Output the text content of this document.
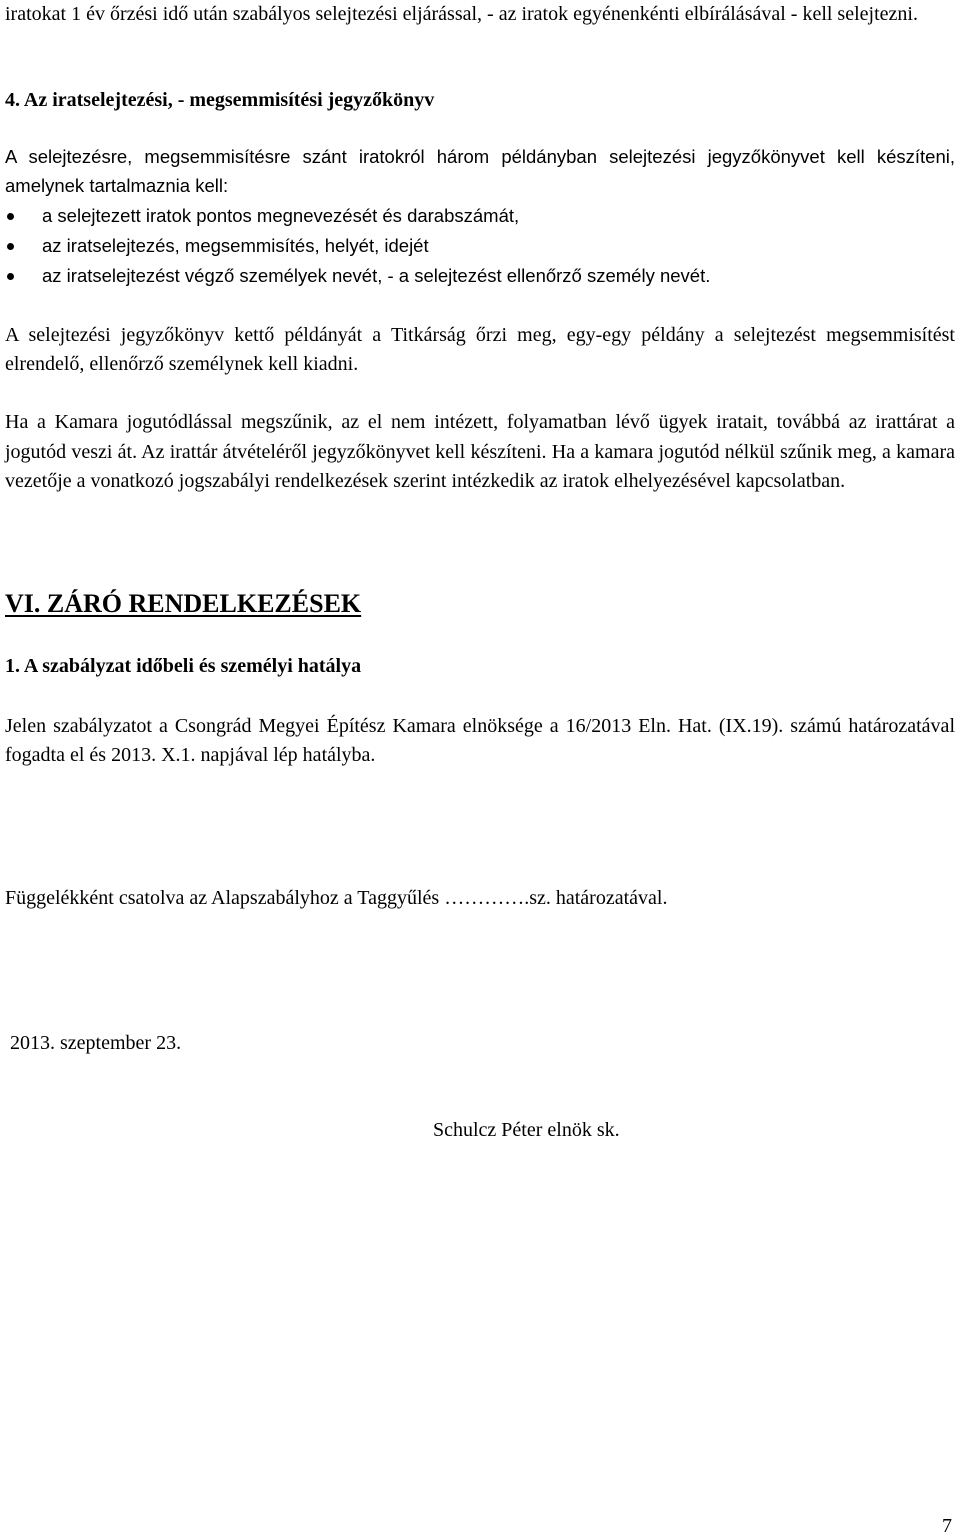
iratokat 1 év őrzési idő után szabályos selejtezési eljárással, - az iratok egyénenkénti elbírálásával - kell selejtezni.

4. Az iratselejtezési, - megsemmisítési jegyzőkönyv

A selejtezésre, megsemmisítésre szánt iratokról három példányban selejtezési jegyzőkönyvet kell készíteni, amelynek tartalmaznia kell:

a selejtezett iratok pontos megnevezését és darabszámát,
az iratselejtezés, megsemmisítés, helyét, idejét
az iratselejtezést végző személyek nevét, - a selejtezést ellenőrző személy nevét.

A selejtezési jegyzőkönyv kettő példányát a Titkárság őrzi meg, egy-egy példány a selejtezést megsemmisítést elrendelő, ellenőrző személynek kell kiadni.

Ha a Kamara jogutódlással megszűnik, az el nem intézett, folyamatban lévő ügyek iratait, továbbá az irattárat a jogutód veszi át. Az irattár átvételéről jegyzőkönyvet kell készíteni. Ha a kamara jogutód nélkül szűnik meg, a kamara vezetője a vonatkozó jogszabályi rendelkezések szerint intézkedik az iratok elhelyezésével kapcsolatban.

VI. ZÁRÓ RENDELKEZÉSEK
1. A szabályzat időbeli és személyi hatálya

Jelen szabályzatot a Csongrád Megyei Építész Kamara elnöksége a 16/2013 Eln. Hat. (IX.19). számú határozatával fogadta el és 2013. X.1. napjával lép hatályba.

Függelékként csatolva az Alapszabályhoz a Taggyűlés ………….sz. határozatával.

2013. szeptember 23.

Schulcz Péter elnök sk.

7
